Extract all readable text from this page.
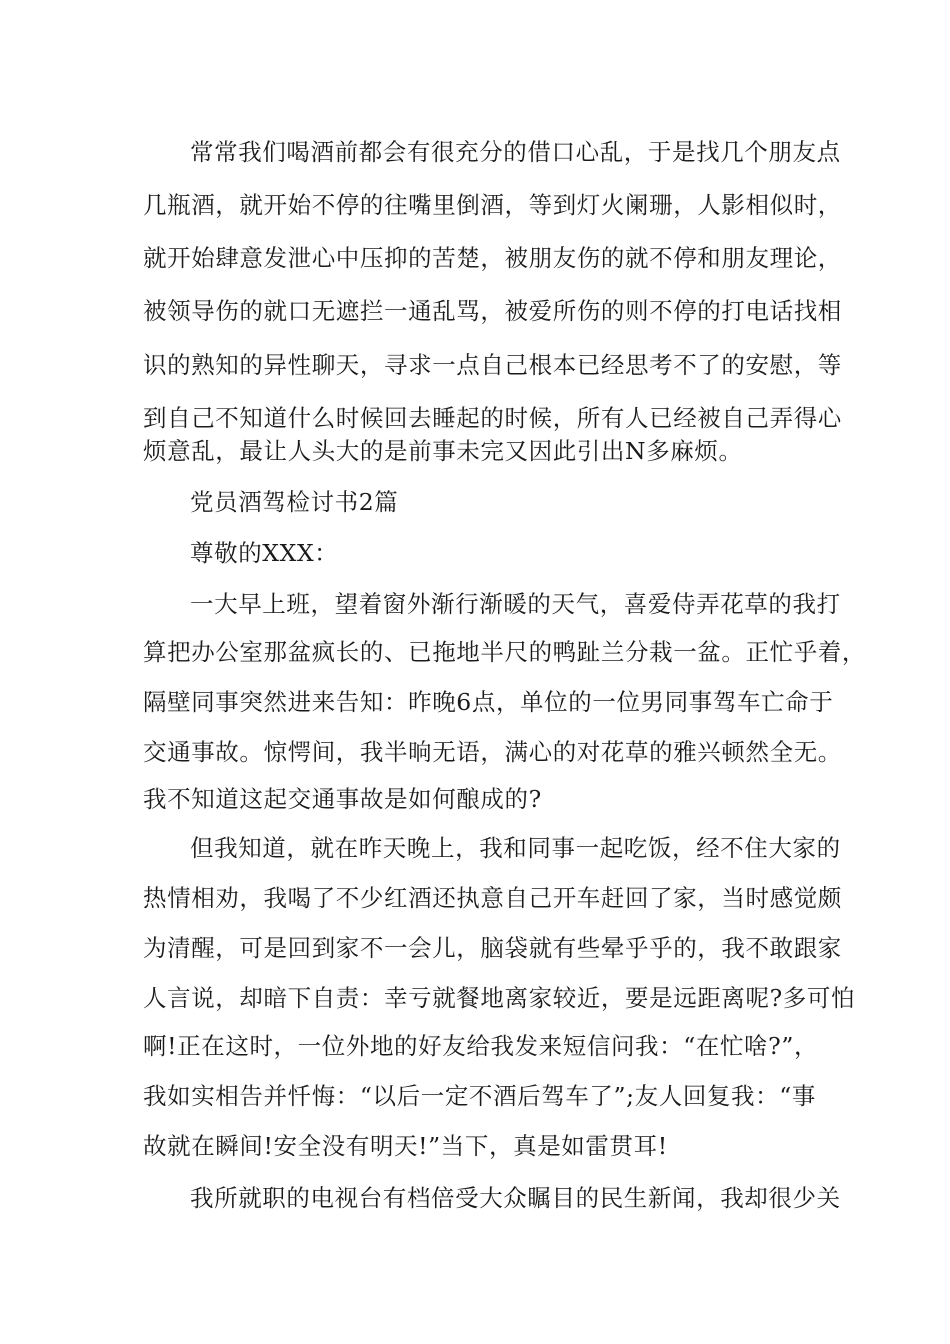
常常我们喝酒前都会有很充分的借口心乱，于是找几个朋友点
几瓶酒，就开始不停的往嘴里倒酒，等到灯火阑珊，人影相似时，
就开始肆意发泄心中压抑的苦楚，被朋友伤的就不停和朋友理论，
被领导伤的就口无遮拦一通乱骂，被爱所伤的则不停的打电话找相
识的熟知的异性聊天，寻求一点自己根本已经思考不了的安慰，等
到自己不知道什么时候回去睡起的时候，所有人已经被自己弄得心
烦意乱，最让人头大的是前事未完又因此引出N多麻烦。
党员酒驾检讨书2篇
尊敬的XXX：
一大早上班，望着窗外渐行渐暖的天气，喜爱侍弄花草的我打
算把办公室那盆疯长的、已拖地半尺的鸭趾兰分栽一盆。正忙乎着，
隔壁同事突然进来告知：昨晚6点，单位的一位男同事驾车亡命于
交通事故。惊愕间，我半晌无语，满心的对花草的雅兴顿然全无。
我不知道这起交通事故是如何酿成的?
但我知道，就在昨天晚上，我和同事一起吃饭，经不住大家的
热情相劝，我喝了不少红酒还执意自己开车赶回了家，当时感觉颇
为清醒，可是回到家不一会儿，脑袋就有些晕乎乎的，我不敢跟家
人言说，却暗下自责：幸亏就餐地离家较近，要是远距离呢?多可怕
啊!正在这时，一位外地的好友给我发来短信问我：“在忙啥?”，
我如实相告并忏悔：“以后一定不酒后驾车了”;友人回复我：“事
故就在瞬间!安全没有明天!”当下，真是如雷贯耳!
我所就职的电视台有档倍受大众瞩目的民生新闻，我却很少关
